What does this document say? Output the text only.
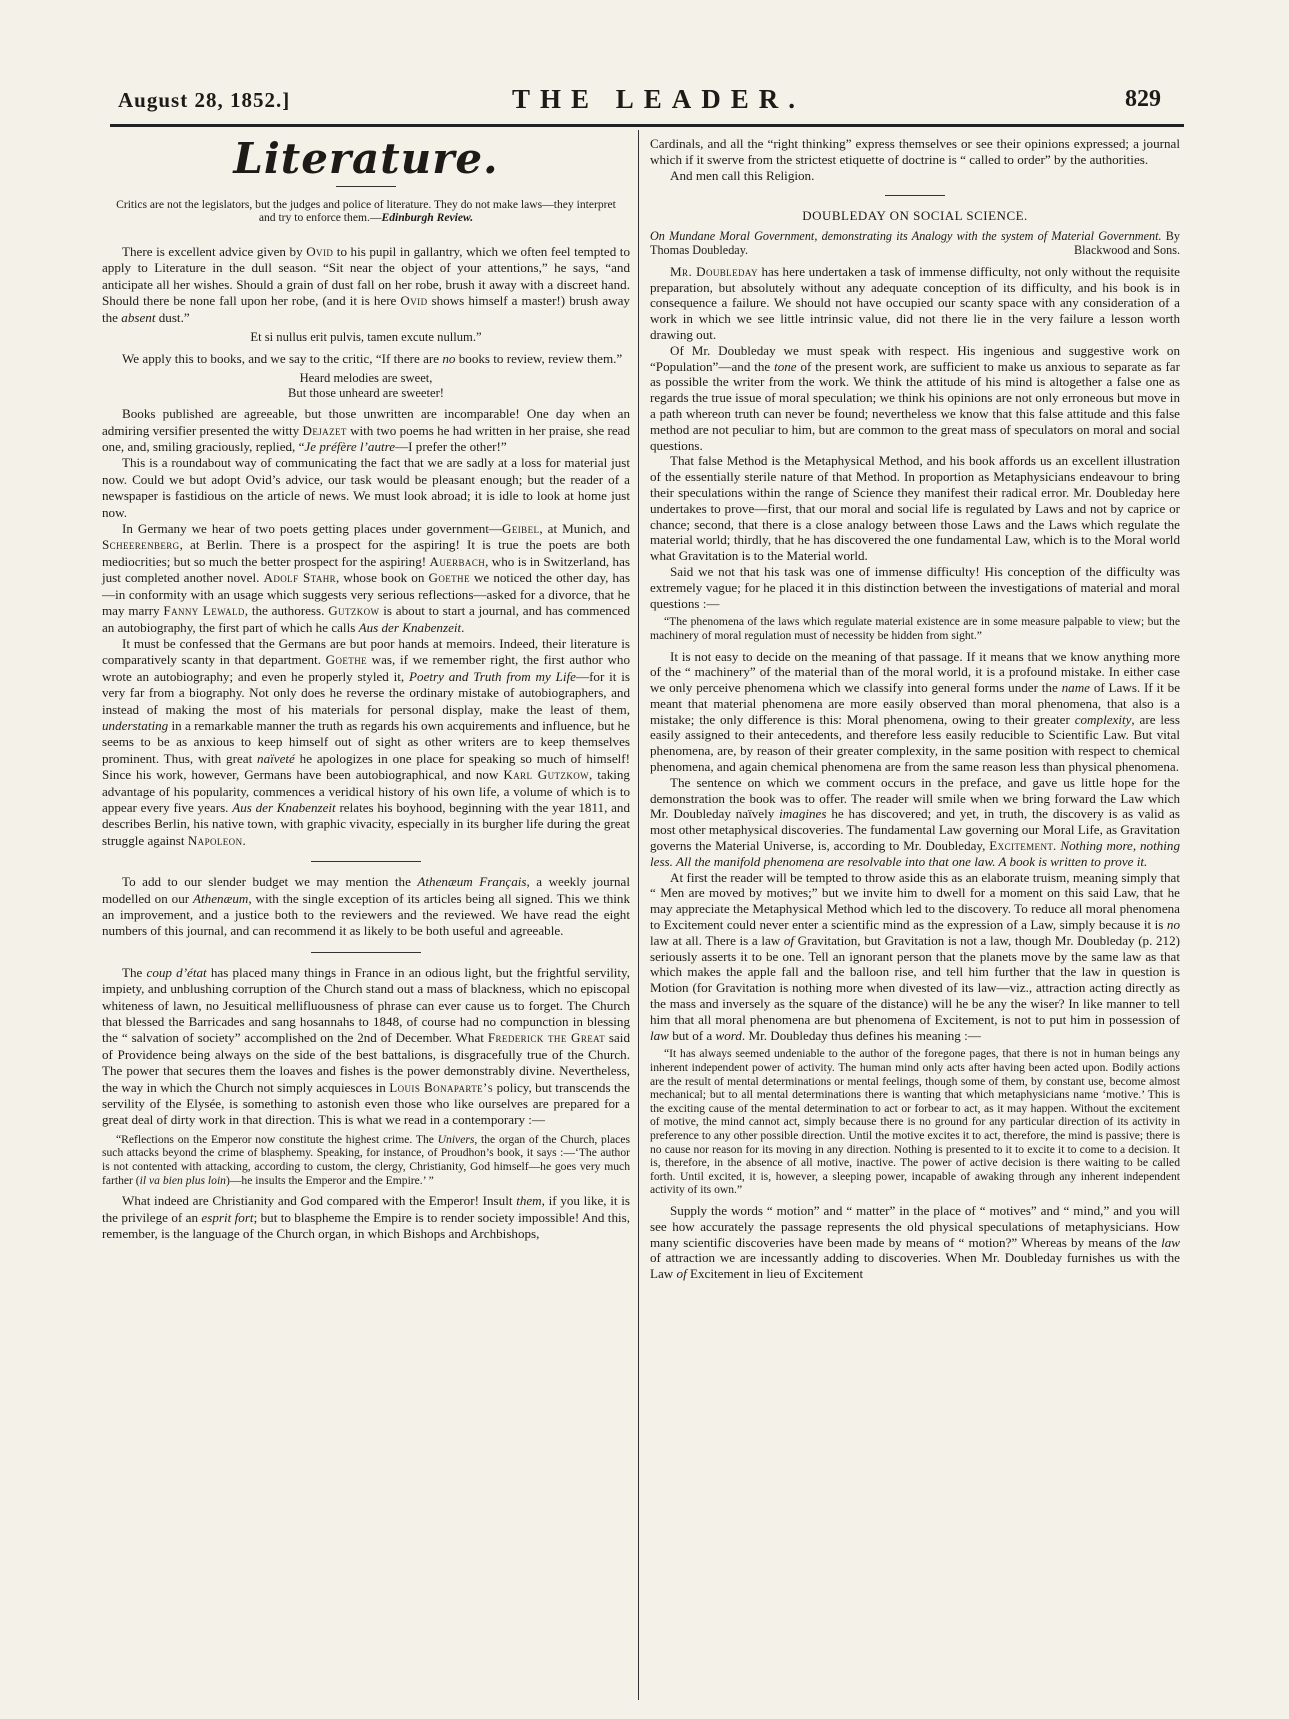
August 28, 1852.]	THE LEADER.	829
Literature.
Critics are not the legislators, but the judges and police of literature. They do not make laws—they interpret and try to enforce them.—Edinburgh Review.

There is excellent advice given by Ovid to his pupil in gallantry, which we often feel tempted to apply to Literature in the dull season. “Sit near the object of your attentions,” he says, “and anticipate all her wishes. Should a grain of dust fall on her robe, brush it away with a discreet hand. Should there be none fall upon her robe, (and it is here Ovid shows himself a master!) brush away the absent dust.”

Et si nullus erit pulvis, tamen excute nullum.”

We apply this to books, and we say to the critic, “If there are no books to review, review them.”

Heard melodies are sweet,
But those unheard are sweeter!

Books published are agreeable, but those unwritten are incomparable! One day when an admiring versifier presented the witty Dejazet with two poems he had written in her praise, she read one, and, smiling graciously, replied, “Je préfère l’autre—I prefer the other!”

This is a roundabout way of communicating the fact that we are sadly at a loss for material just now. Could we but adopt Ovid’s advice, our task would be pleasant enough; but the reader of a newspaper is fastidious on the article of news. We must look abroad; it is idle to look at home just now.

In Germany we hear of two poets getting places under government—Geibel, at Munich, and Scheerenberg, at Berlin. There is a prospect for the aspiring! It is true the poets are both mediocrities; but so much the better prospect for the aspiring! Auerbach, who is in Switzerland, has just completed another novel. Adolf Stahr, whose book on Goethe we noticed the other day, has—in conformity with an usage which suggests very serious reflections—asked for a divorce, that he may marry Fanny Lewald, the authoress. Gutzkow is about to start a journal, and has commenced an autobiography, the first part of which he calls Aus der Knabenzeit.

It must be confessed that the Germans are but poor hands at memoirs. Indeed, their literature is comparatively scanty in that department. Goethe was, if we remember right, the first author who wrote an autobiography; and even he properly styled it, Poetry and Truth from my Life—for it is very far from a biography. Not only does he reverse the ordinary mistake of autobiographers, and instead of making the most of his materials for personal display, make the least of them, understating in a remarkable manner the truth as regards his own acquirements and influence, but he seems to be as anxious to keep himself out of sight as other writers are to keep themselves prominent. Thus, with great naïveté he apologizes in one place for speaking so much of himself! Since his work, however, Germans have been autobiographical, and now Karl Gutzkow, taking advantage of his popularity, commences a veridical history of his own life, a volume of which is to appear every five years. Aus der Knabenzeit relates his boyhood, beginning with the year 1811, and describes Berlin, his native town, with graphic vivacity, especially in its burgher life during the great struggle against Napoleon.

To add to our slender budget we may mention the Athenæum Français, a weekly journal modelled on our Athenæum, with the single exception of its articles being all signed. This we think an improvement, and a justice both to the reviewers and the reviewed. We have read the eight numbers of this journal, and can recommend it as likely to be both useful and agreeable.

The coup d’état has placed many things in France in an odious light, but the frightful servility, impiety, and unblushing corruption of the Church stand out a mass of blackness, which no episcopal whiteness of lawn, no Jesuitical mellifluousness of phrase can ever cause us to forget. The Church that blessed the Barricades and sang hosannahs to 1848, of course had no compunction in blessing the “ salvation of society” accomplished on the 2nd of December. What Frederick the Great said of Providence being always on the side of the best battalions, is disgracefully true of the Church. The power that secures them the loaves and fishes is the power demonstrably divine. Nevertheless, the way in which the Church not simply acquiesces in Louis Bonaparte’s policy, but transcends the servility of the Elysée, is something to astonish even those who like ourselves are prepared for a great deal of dirty work in that direction. This is what we read in a contemporary :—

“Reflections on the Emperor now constitute the highest crime. The Univers, the organ of the Church, places such attacks beyond the crime of blasphemy. Speaking, for instance, of Proudhon’s book, it says :—‘The author is not contented with attacking, according to custom, the clergy, Christianity, God himself—he goes very much farther (il va bien plus loin)—he insults the Emperor and the Empire.’ ”

What indeed are Christianity and God compared with the Emperor! Insult them, if you like, it is the privilege of an esprit fort; but to blaspheme the Empire is to render society impossible! And this, remember, is the language of the Church organ, in which Bishops and Archbishops,

Cardinals, and all the “right thinking” express themselves or see their opinions expressed; a journal which if it swerve from the strictest etiquette of doctrine is “ called to order” by the authorities.

And men call this Religion.

DOUBLEDAY ON SOCIAL SCIENCE.
On Mundane Moral Government, demonstrating its Analogy with the system of Material Government. By Thomas Doubleday.	Blackwood and Sons.

Mr. Doubleday has here undertaken a task of immense difficulty, not only without the requisite preparation, but absolutely without any adequate conception of its difficulty, and his book is in consequence a failure. We should not have occupied our scanty space with any consideration of a work in which we see little intrinsic value, did not there lie in the very failure a lesson worth drawing out.

Of Mr. Doubleday we must speak with respect. His ingenious and suggestive work on “Population”—and the tone of the present work, are sufficient to make us anxious to separate as far as possible the writer from the work. We think the attitude of his mind is altogether a false one as regards the true issue of moral speculation; we think his opinions are not only erroneous but move in a path whereon truth can never be found; nevertheless we know that this false attitude and this false method are not peculiar to him, but are common to the great mass of speculators on moral and social questions.

That false Method is the Metaphysical Method, and his book affords us an excellent illustration of the essentially sterile nature of that Method. In proportion as Metaphysicians endeavour to bring their speculations within the range of Science they manifest their radical error. Mr. Doubleday here undertakes to prove—first, that our moral and social life is regulated by Laws and not by caprice or chance; second, that there is a close analogy between those Laws and the Laws which regulate the material world; thirdly, that he has discovered the one fundamental Law, which is to the Moral world what Gravitation is to the Material world.

Said we not that his task was one of immense difficulty! His conception of the difficulty was extremely vague; for he placed it in this distinction between the investigations of material and moral questions :—

“The phenomena of the laws which regulate material existence are in some measure palpable to view; but the machinery of moral regulation must of necessity be hidden from sight.”

It is not easy to decide on the meaning of that passage. If it means that we know anything more of the “ machinery” of the material than of the moral world, it is a profound mistake. In either case we only perceive phenomena which we classify into general forms under the name of Laws. If it be meant that material phenomena are more easily observed than moral phenomena, that also is a mistake; the only difference is this: Moral phenomena, owing to their greater complexity, are less easily assigned to their antecedents, and therefore less easily reducible to Scientific Law. But vital phenomena, are, by reason of their greater complexity, in the same position with respect to chemical phenomena, and again chemical phenomena are from the same reason less than physical phenomena.

The sentence on which we comment occurs in the preface, and gave us little hope for the demonstration the book was to offer. The reader will smile when we bring forward the Law which Mr. Doubleday naïvely imagines he has discovered; and yet, in truth, the discovery is as valid as most other metaphysical discoveries. The fundamental Law governing our Moral Life, as Gravitation governs the Material Universe, is, according to Mr. Doubleday, Excitement. Nothing more, nothing less. All the manifold phenomena are resolvable into that one law. A book is written to prove it.

At first the reader will be tempted to throw aside this as an elaborate truism, meaning simply that “ Men are moved by motives;” but we invite him to dwell for a moment on this said Law, that he may appreciate the Metaphysical Method which led to the discovery. To reduce all moral phenomena to Excitement could never enter a scientific mind as the expression of a Law, simply because it is no law at all. There is a law of Gravitation, but Gravitation is not a law, though Mr. Doubleday (p. 212) seriously asserts it to be one. Tell an ignorant person that the planets move by the same law as that which makes the apple fall and the balloon rise, and tell him further that the law in question is Motion (for Gravitation is nothing more when divested of its law—viz., attraction acting directly as the mass and inversely as the square of the distance) will he be any the wiser? In like manner to tell him that all moral phenomena are but phenomena of Excitement, is not to put him in possession of law but of a word. Mr. Doubleday thus defines his meaning :—

“It has always seemed undeniable to the author of the foregone pages, that there is not in human beings any inherent independent power of activity. The human mind only acts after having been acted upon. Bodily actions are the result of mental determinations or mental feelings, though some of them, by constant use, become almost mechanical; but to all mental determinations there is wanting that which metaphysicians name ‘motive.’ This is the exciting cause of the mental determination to act or forbear to act, as it may happen. Without the excitement of motive, the mind cannot act, simply because there is no ground for any particular direction of its activity in preference to any other possible direction. Until the motive excites it to act, therefore, the mind is passive; there is no cause nor reason for its moving in any direction. Nothing is presented to it to excite it to come to a decision. It is, therefore, in the absence of all motive, inactive. The power of active decision is there waiting to be called forth. Until excited, it is, however, a sleeping power, incapable of awaking through any inherent independent activity of its own.”

Supply the words “ motion” and “ matter” in the place of “ motives” and “ mind,” and you will see how accurately the passage represents the old physical speculations of metaphysicians. How many scientific discoveries have been made by means of “ motion?” Whereas by means of the law of attraction we are incessantly adding to discoveries. When Mr. Doubleday furnishes us with the Law of Excitement in lieu of Excitement
